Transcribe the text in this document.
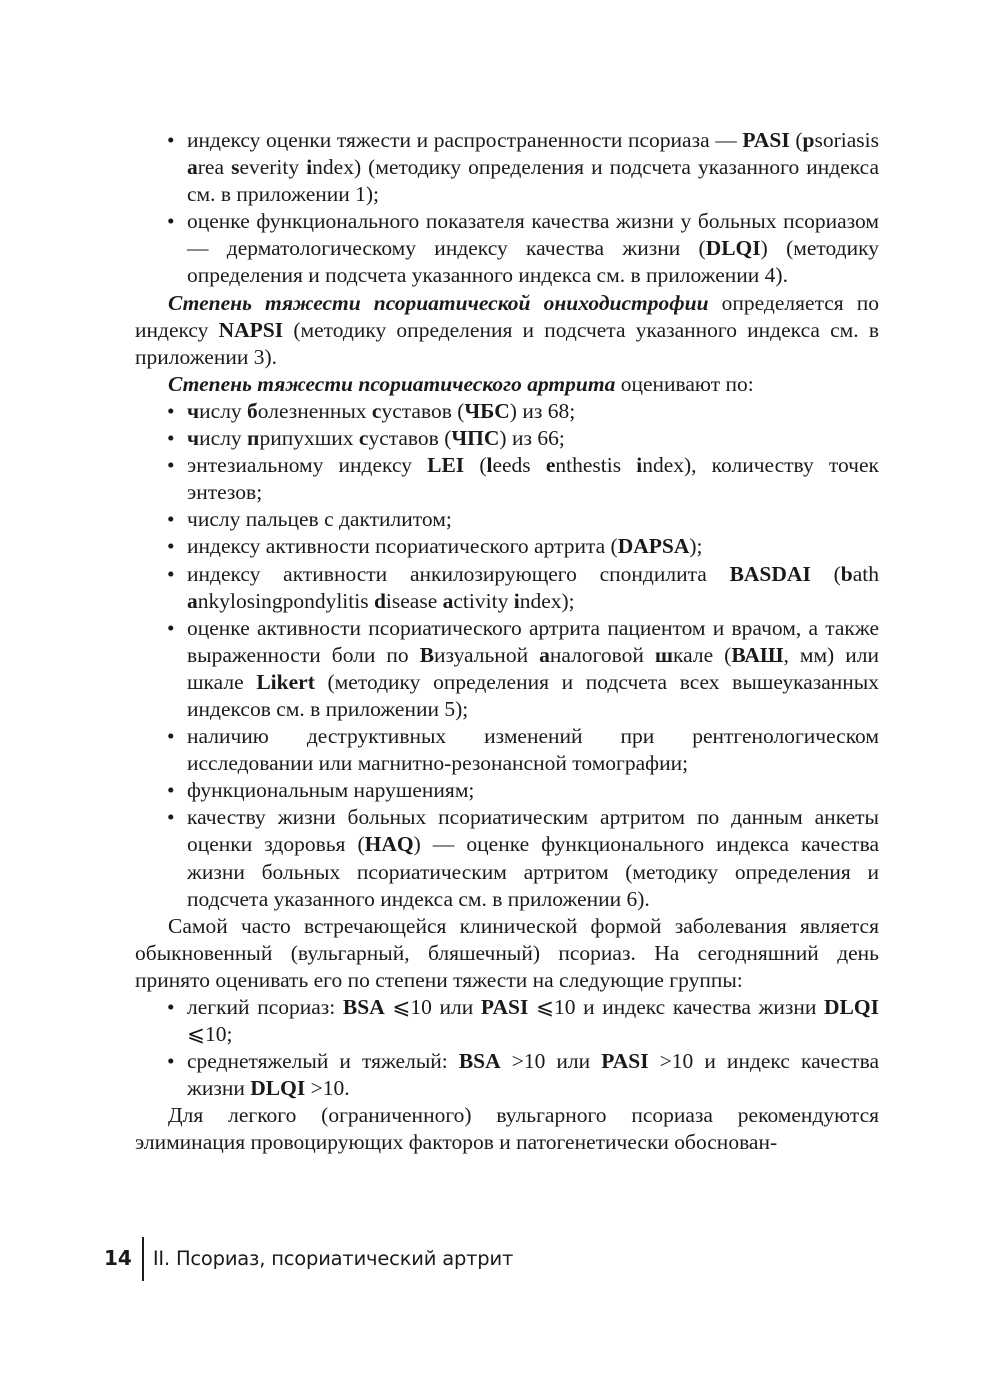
• индексу оценки тяжести и распространенности псориаза — PASI (psoriasis area severity index) (методику определения и подсчета указанного индекса см. в приложении 1);
• оценке функционального показателя качества жизни у больных псориазом — дерматологическому индексу качества жизни (DLQI) (методику определения и подсчета указанного индекса см. в приложении 4).

Степень тяжести псориатической ониходистрофии определяется по индексу NAPSI (методику определения и подсчета указанного индекса см. в приложении 3).

Степень тяжести псориатического артрита оценивают по:

• числу болезненных суставов (ЧБС) из 68;
• числу припухших суставов (ЧПС) из 66;
• энтезиальному индексу LEI (leeds enthestis index), количеству точек энтезов;
• числу пальцев с дактилитом;
• индексу активности псориатического артрита (DAPSA);
• индексу активности анкилозирующего спондилита BASDAI (bath ankylosingpondylitis disease activity index);
• оценке активности псориатического артрита пациентом и врачом, а также выраженности боли по Визуальной аналоговой шкале (ВАШ, мм) или шкале Likert (методику определения и подсчета всех вышеуказанных индексов см. в приложении 5);
• наличию деструктивных изменений при рентгенологическом исследовании или магнитно-резонансной томографии;
• функциональным нарушениям;
• качеству жизни больных псориатическим артритом по данным анкеты оценки здоровья (HAQ) — оценке функционального индекса качества жизни больных псориатическим артритом (методику определения и подсчета указанного индекса см. в приложении 6).

Самой часто встречающейся клинической формой заболевания является обыкновенный (вульгарный, бляшечный) псориаз. На сегодняшний день принято оценивать его по степени тяжести на следующие группы:

• легкий псориаз: BSA ⩽10 или PASI ⩽10 и индекс качества жизни DLQI ⩽10;
• среднетяжелый и тяжелый: BSA >10 или PASI >10 и индекс качества жизни DLQI >10.

Для легкого (ограниченного) вульгарного псориаза рекомендуются элиминация провоцирующих факторов и патогенетически обоснован-

14 II. Псориаз, псориатический артрит
